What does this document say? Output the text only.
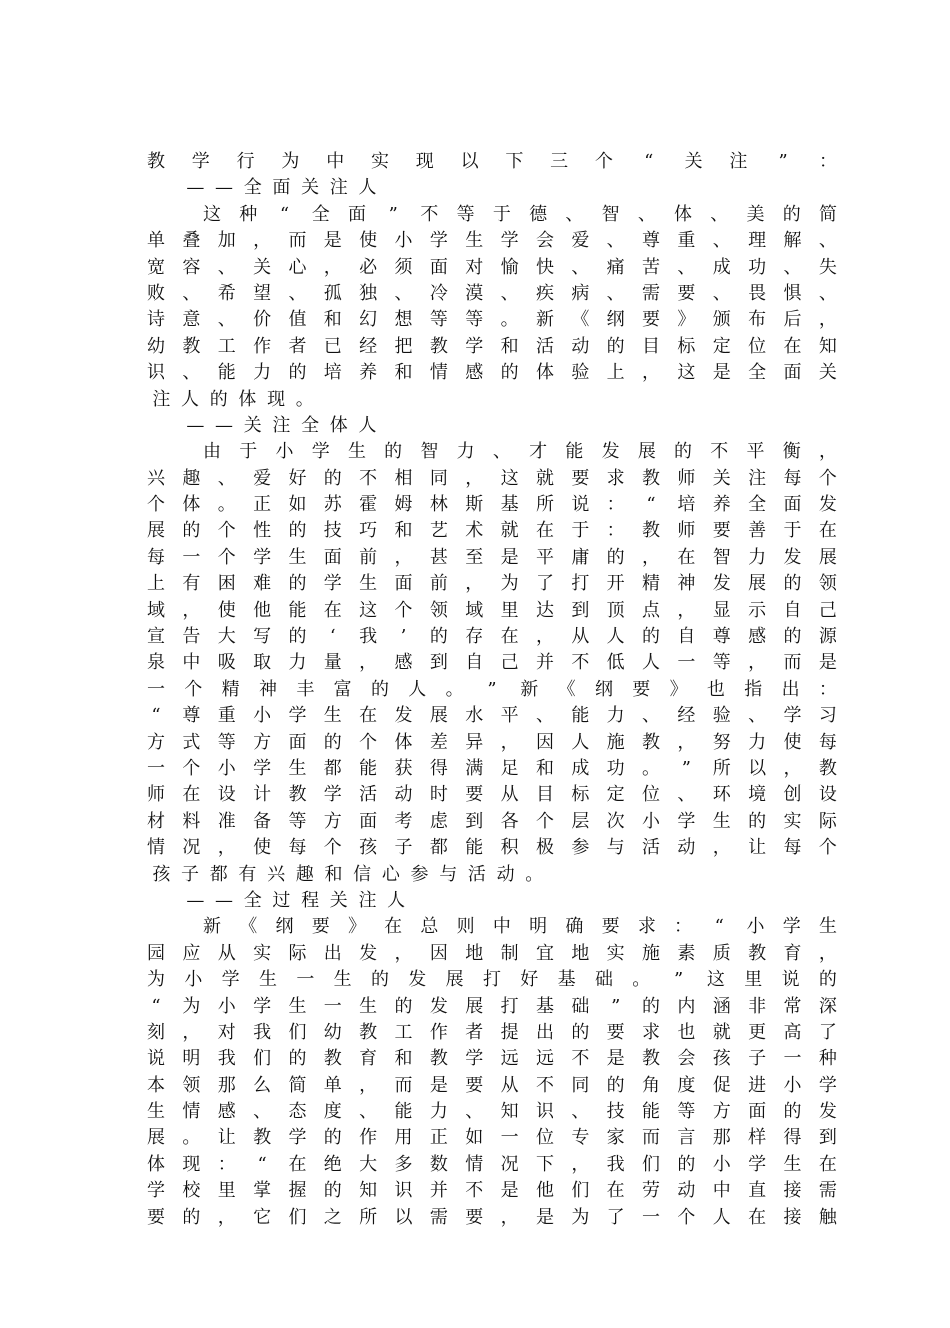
教 学 行 为 中 实 现 以 下 三 个 “ 关 注 ” ：
— — 全 面 关 注 人
这 种 “ 全 面 ” 不 等 于 德 、 智 、 体 、 美 的 简
单 叠 加 ， 而 是 使 小 学 生 学 会 爱 、 尊 重 、 理 解 、
宽 容 、 关 心 ， 必 须 面 对 愉 快 、 痛 苦 、 成 功 、 失
败 、 希 望 、 孤 独 、 冷 漠 、 疾 病 、 需 要 、 畏 惧 、
诗 意 、 价 值 和 幻 想 等 等 。 新 《 纲 要 》 颁 布 后 ，
幼 教 工 作 者 已 经 把 教 学 和 活 动 的 目 标 定 位 在 知
识 、 能 力 的 培 养 和 情 感 的 体 验 上 ， 这 是 全 面 关
注 人 的 体 现 。
— — 关 注 全 体 人
由 于 小 学 生 的 智 力 、 才 能 发 展 的 不 平 衡 ，
兴 趣 、 爱 好 的 不 相 同 ， 这 就 要 求 教 师 关 注 每 个
个 体 。 正 如 苏 霍 姆 林 斯 基 所 说 ： “ 培 养 全 面 发
展 的 个 性 的 技 巧 和 艺 术 就 在 于 ： 教 师 要 善 于 在
每 一 个 学 生 面 前 ， 甚 至 是 平 庸 的 ， 在 智 力 发 展
上 有 困 难 的 学 生 面 前 ， 为 了 打 开 精 神 发 展 的 领
域 ， 使 他 能 在 这 个 领 域 里 达 到 顶 点 ， 显 示 自 己
宣 告 大 写 的	‘	我	’	的 存 在 ， 从 人 的 自 尊 感 的 源
泉 中 吸 取 力 量 ， 感 到 自 己 并 不 低 人 一 等 ， 而 是
一 个 精 神 丰 富 的 人 。 ” 新 《 纲 要 》 也 指 出 ：
“ 尊 重 小 学 生 在 发 展 水 平 、 能 力 、 经 验 、 学 习
方 式 等 方 面 的 个 体 差 异 ， 因 人 施 教 ， 努 力 使 每
一 个 小 学 生 都 能 获 得 满 足 和 成 功 。 ” 所 以 ， 教
师 在 设 计 教 学 活 动 时 要 从 目 标 定 位 、 环 境 创 设
材 料 准 备 等 方 面 考 虑 到 各 个 层 次 小 学 生 的 实 际
情 况 ， 使 每 个 孩 子 都 能 积 极 参 与 活 动 ， 让 每 个
孩 子 都 有 兴 趣 和 信 心 参 与 活 动 。
— — 全 过 程 关 注 人
新 《 纲 要 》 在 总 则 中 明 确 要 求 ： “ 小 学 生
园 应 从 实 际 出 发 ， 因 地 制 宜 地 实 施 素 质 教 育 ，
为 小 学 生 一 生 的 发 展 打 好 基 础 。 ” 这 里 说 的
“ 为 小 学 生 一 生 的 发 展 打 基 础 ” 的 内 涵 非 常 深
刻 ， 对 我 们 幼 教 工 作 者 提 出 的 要 求 也 就 更 高 了
说 明 我 们 的 教 育 和 教 学 远 远 不 是 教 会 孩 子 一 种
本 领 那 么 简 单 ， 而 是 要 从 不 同 的 角 度 促 进 小 学
生 情 感 、 态 度 、 能 力 、 知 识 、 技 能 等 方 面 的 发
展 。 让 教 学 的 作 用 正 如 一 位 专 家 而 言 那 样 得 到
体 现 ： “ 在 绝 大 多 数 情 况 下 ， 我 们 的 小 学 生 在
学 校 里 掌 握 的 知 识 并 不 是 他 们 在 劳 动 中 直 接 需
要 的 ， 它 们 之 所 以 需 要 ， 是 为 了 一 个 人 在 接 触
